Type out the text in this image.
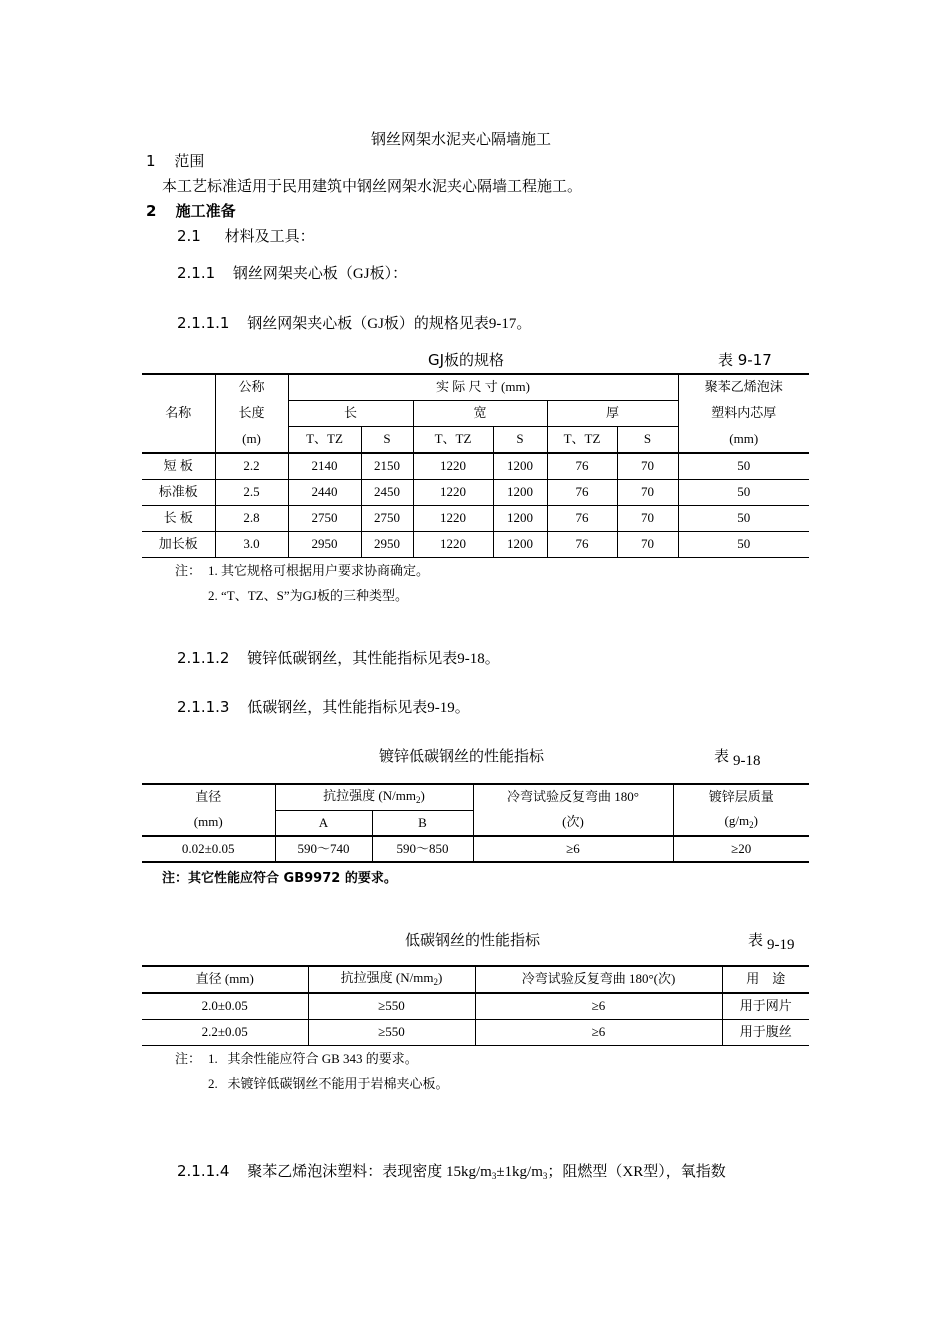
钢丝网架水泥夹心隔墙施工
1 范围
本工艺标准适用于民用建筑中钢丝网架水泥夹心隔墙工程施工。
2 施工准备
2.1 材料及工具：
2.1.1 钢丝网架夹心板（GJ板）：
2.1.1.1 钢丝网架夹心板（GJ板）的规格见表9-17。
GJ板的规格	表 9-17
名称	公称	实 际 尺 寸 (mm)						聚苯乙烯泡沫
	长度	长		宽		厚		塑料内芯厚
	(m)	T、TZ	S	T、TZ	S	T、TZ	S	(mm)
短 板	2.2	2140	2150	1220	1200	76	70	50
标准板	2.5	2440	2450	1220	1200	76	70	50
长 板	2.8	2750	2750	1220	1200	76	70	50
加长板	3.0	2950	2950	1220	1200	76	70	50
注： 1. 其它规格可根据用户要求协商确定。
2. “T、TZ、S”为GJ板的三种类型。
2.1.1.2 镀锌低碳钢丝，其性能指标见表9-18。
2.1.1.3 低碳钢丝，其性能指标见表9-19。
镀锌低碳钢丝的性能指标	表 9-18
直径	抗拉强度 $(N/mm_2)$		冷弯试验反复弯曲 180°	镀锌层质量
(mm)	A	B	(次)	$(g/m_2)$
0.02±0.05	590～740	590～850	≥6	≥20
注：其它性能应符合 GB9972 的要求。
低碳钢丝的性能指标	表 9-19
直径 (mm)	抗拉强度 $(N/mm_2)$	冷弯试验反复弯曲 180°(次)	用　途
2.0±0.05	≥550	≥6	用于网片
2.2±0.05	≥550	≥6	用于腹丝
注： 1.   其余性能应符合 GB 343 的要求。
2.   未镀锌低碳钢丝不能用于岩棉夹心板。
2.1.1.4 聚苯乙烯泡沫塑料：表现密度 $15kg/m_3\pm 1kg/m_3$；阻燃型（XR型），氧指数
